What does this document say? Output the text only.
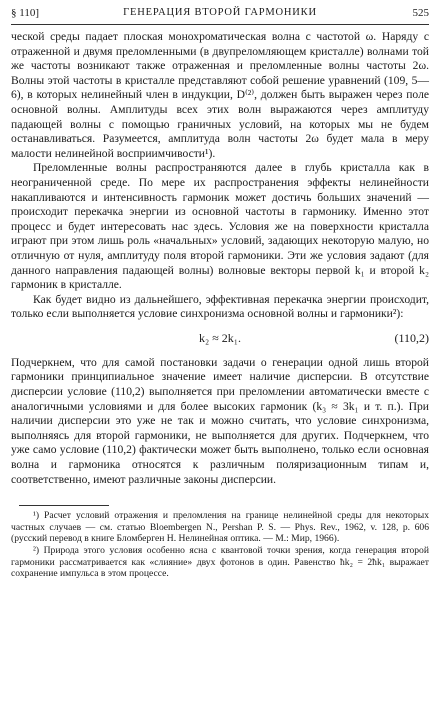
§ 110]	ГЕНЕРАЦИЯ ВТОРОЙ ГАРМОНИКИ	525

ческой среды падает плоская монохроматическая волна с частотой ω. Наряду с отраженной и двумя преломленными (в двупреломляющем кристалле) волнами той же частоты возникают также отраженная и преломленные волны частоты 2ω. Волны этой частоты в кристалле представляют собой решение уравнений (109, 5—6), в которых нелинейный член в индукции, D⁽²⁾, должен быть выражен через поле основной волны. Амплитуды всех этих волн выражаются через амплитуду падающей волны с помощью граничных условий, на которых мы не будем останавливаться. Разумеется, амплитуда волн частоты 2ω будет мала в меру малости нелинейной восприимчивости¹).

Преломленные волны распространяются далее в глубь кристалла как в неограниченной среде. По мере их распространения эффекты нелинейности накапливаются и интенсивность гармоник может достичь больших значений — происходит перекачка энергии из основной частоты в гармонику. Именно этот процесс и будет интересовать нас здесь. Условия же на поверхности кристалла играют при этом лишь роль «начальных» условий, задающих некоторую малую, но отличную от нуля, амплитуду поля второй гармоники. Эти же условия задают (для данного направления падающей волны) волновые векторы первой k₁ и второй k₂ гармоник в кристалле.

Как будет видно из дальнейшего, эффективная перекачка энергии происходит, только если выполняется условие синхронизма основной волны и гармоники²):

k₂ ≈ 2k₁.	(110,2)

Подчеркнем, что для самой постановки задачи о генерации одной лишь второй гармоники принципиальное значение имеет наличие дисперсии. В отсутствие дисперсии условие (110,2) выполняется при преломлении автоматически вместе с аналогичными условиями и для более высоких гармоник (k₃ ≈ 3k₁ и т. п.). При наличии дисперсии это уже не так и можно считать, что условие синхронизма, выполняясь для второй гармоники, не выполняется для других. Подчеркнем, что уже само условие (110,2) фактически может быть выполнено, только если основная волна и гармоника относятся к различным поляризационным типам и, соответственно, имеют различные законы дисперсии.

¹) Расчет условий отражения и преломления на границе нелинейной среды для некоторых частных случаев — см. статью Bloembergen N., Pershan P. S. — Phys. Rev., 1962, v. 128, p. 606 (русский перевод в книге Бломберген Н. Нелинейная оптика. — М.: Мир, 1966).

²) Природа этого условия особенно ясна с квантовой точки зрения, когда генерация второй гармоники рассматривается как «слияние» двух фотонов в один. Равенство ħk₂ = 2ħk₁ выражает сохранение импульса в этом процессе.
